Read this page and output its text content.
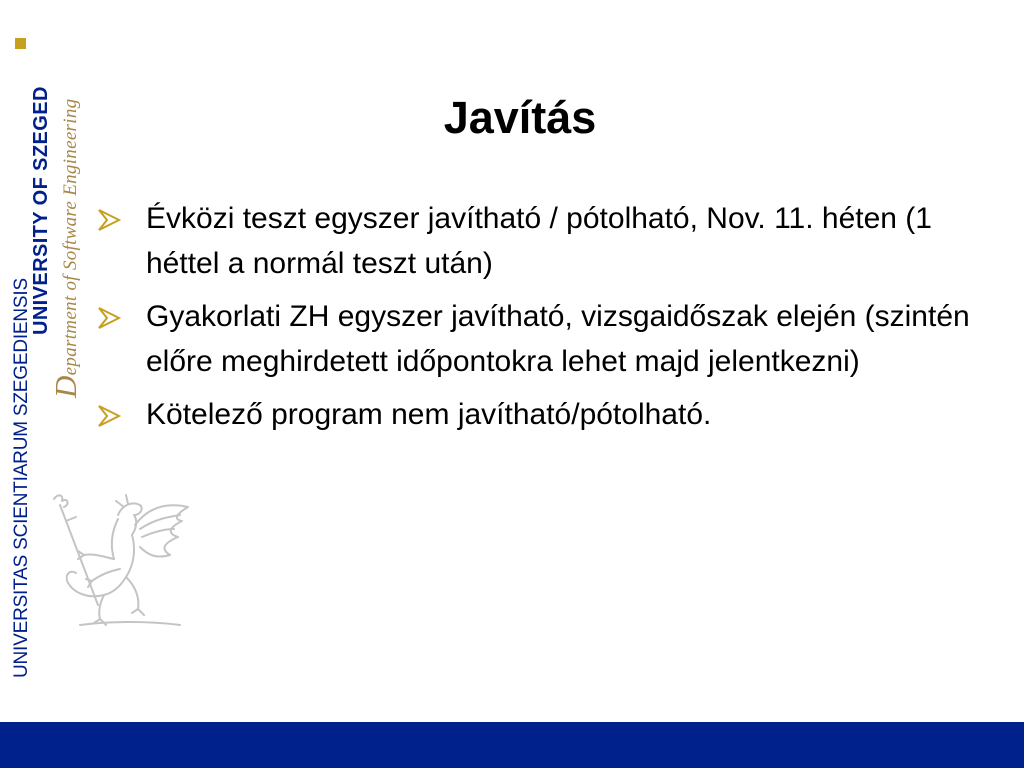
UNIVERSITAS SCIENTIARUM SZEGEDIENSIS
UNIVERSITY OF SZEGED
Department of Software Engineering	Javítás
Évközi teszt egyszer javítható / pótolható, Nov. 11. héten (1 héttel a normál teszt után)
Gyakorlati ZH egyszer javítható, vizsgaidőszak elején (szintén előre meghirdetett időpontokra lehet majd jelentkezni)
Kötelező program nem javítható/pótolható.
